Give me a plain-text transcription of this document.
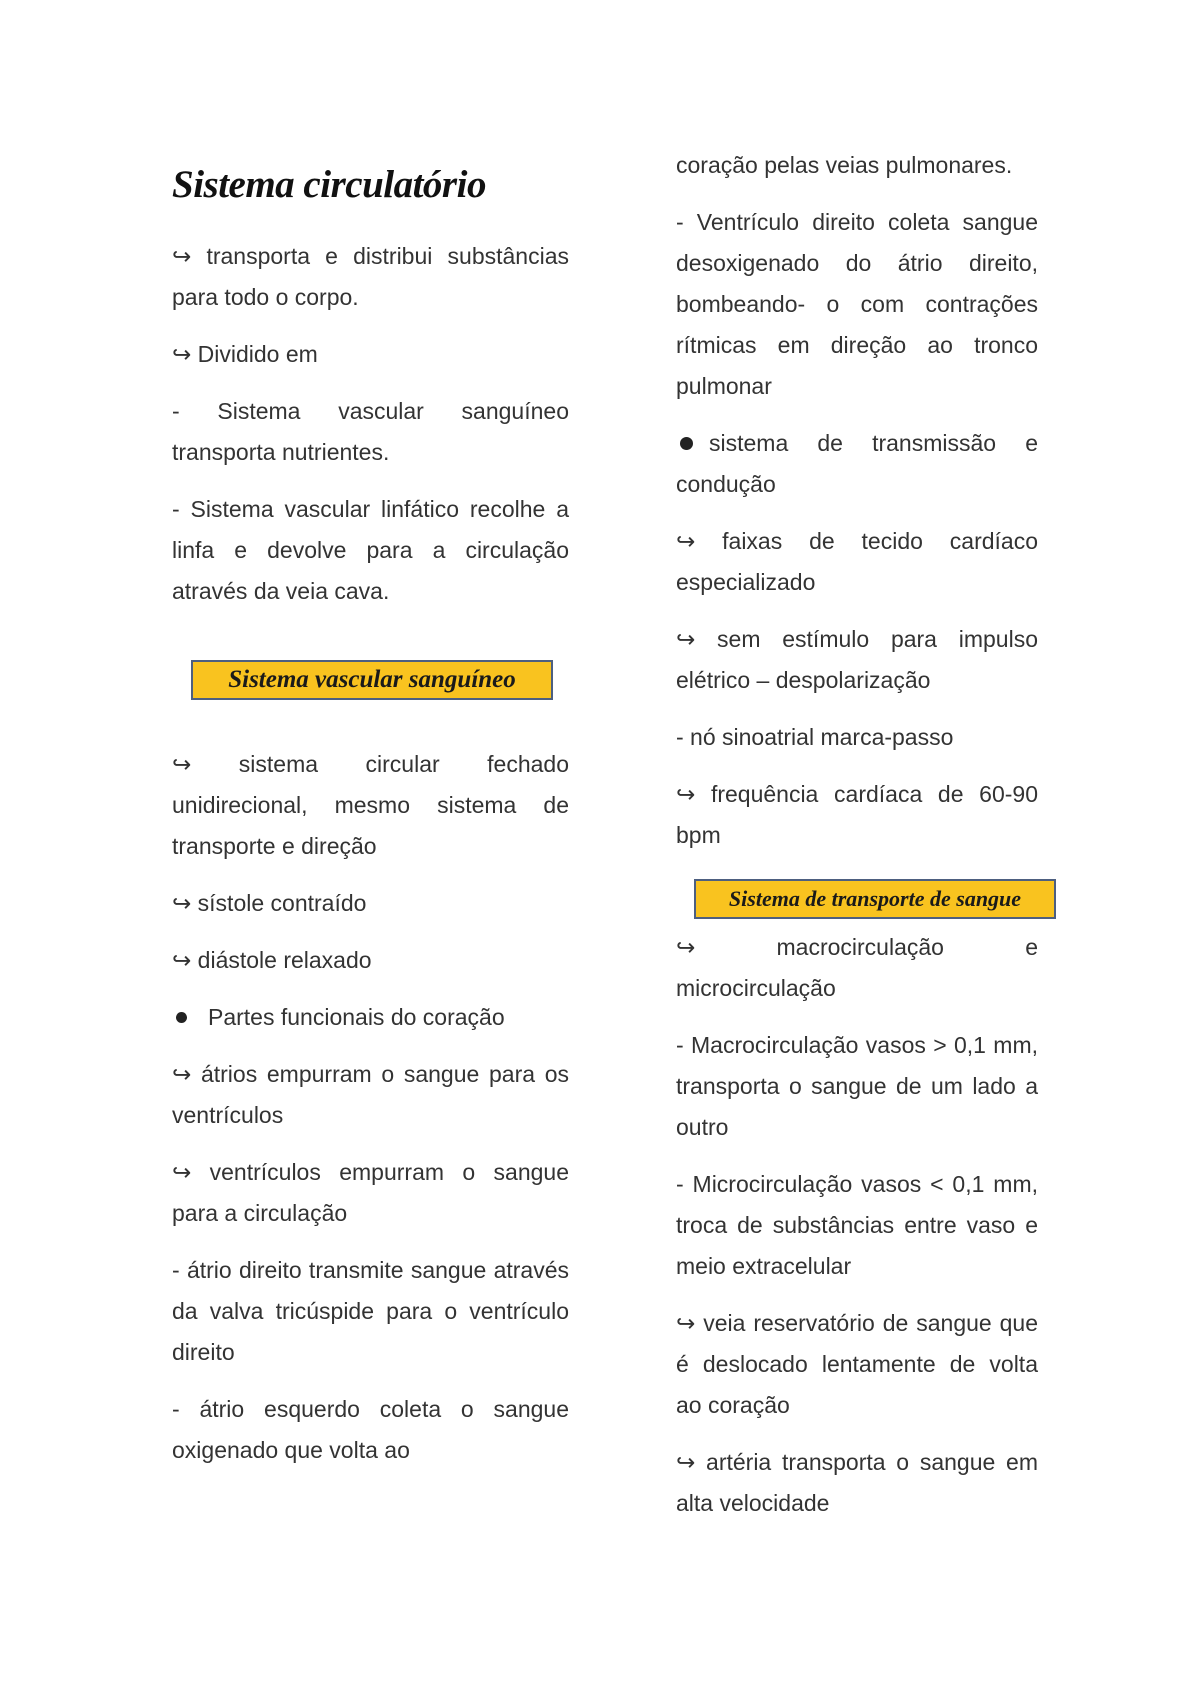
Sistema circulatório

↪ transporta e distribui substâncias para todo o corpo.

↪ Dividido em

- Sistema vascular sanguíneo transporta nutrientes.

- Sistema vascular linfático recolhe a linfa e devolve para a circulação através da veia cava.

Sistema vascular sanguíneo

↪ sistema circular fechado unidirecional, mesmo sistema de transporte e direção

↪ sístole contraído

↪ diástole relaxado

Partes funcionais do coração

↪ átrios empurram o sangue para os ventrículos

↪ ventrículos empurram o sangue para a circulação

- átrio direito transmite sangue através da valva tricúspide para o ventrículo direito

- átrio esquerdo coleta o sangue oxigenado que volta ao

coração pelas veias pulmonares.

- Ventrículo direito coleta sangue desoxigenado do átrio direito, bombeando- o com contrações rítmicas em direção ao tronco pulmonar

sistema de transmissão e condução

↪ faixas de tecido cardíaco especializado

↪ sem estímulo para impulso elétrico – despolarização

- nó sinoatrial marca-passo

↪ frequência cardíaca de 60-90 bpm

Sistema de transporte de sangue

↪ macrocirculação e microcirculação

- Macrocirculação vasos > 0,1 mm, transporta o sangue de um lado a outro

- Microcirculação vasos < 0,1 mm, troca de substâncias entre vaso e meio extracelular

↪ veia reservatório de sangue que é deslocado lentamente de volta ao coração

↪ artéria transporta o sangue em alta velocidade
